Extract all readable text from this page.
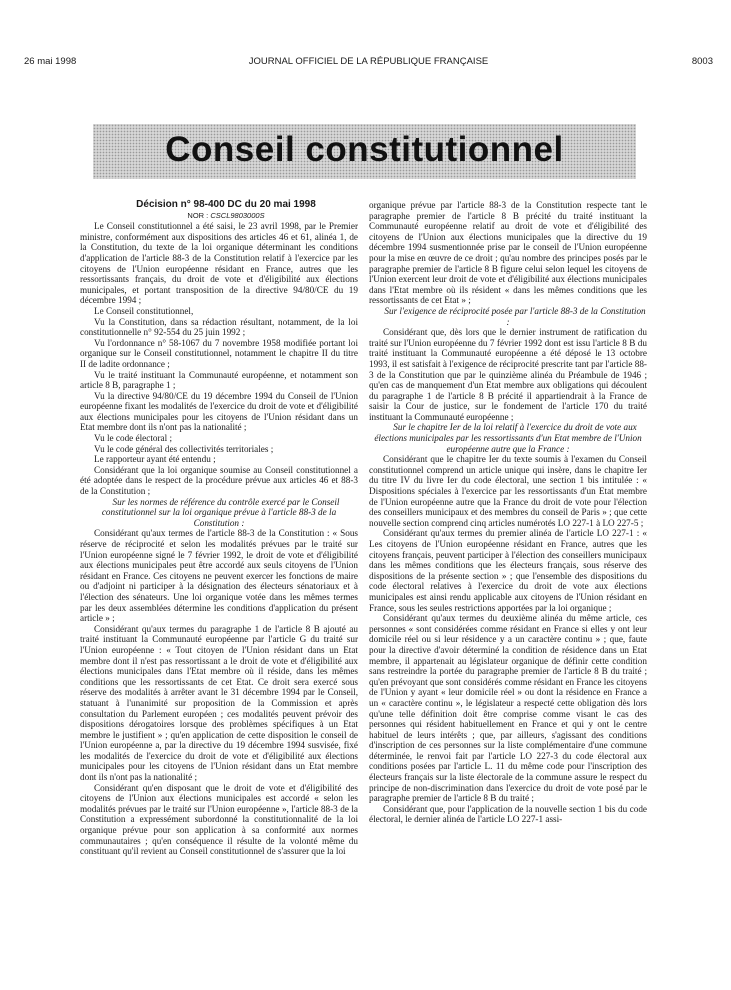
26 mai 1998	JOURNAL OFFICIEL DE LA RÉPUBLIQUE FRANÇAISE	8003
Conseil constitutionnel

Décision n° 98-400 DC du 20 mai 1998

NOR : CSCL9803000S

Le Conseil constitutionnel a été saisi, le 23 avril 1998, par le Premier ministre, conformément aux dispositions des articles 46 et 61, alinéa 1, de la Constitution, du texte de la loi organique déterminant les conditions d'application de l'article 88-3 de la Constitution relatif à l'exercice par les citoyens de l'Union européenne résidant en France, autres que les ressortissants français, du droit de vote et d'éligibilité aux élections municipales, et portant transposition de la directive 94/80/CE du 19 décembre 1994 ;

Le Conseil constitutionnel,

Vu la Constitution, dans sa rédaction résultant, notamment, de la loi constitutionnelle n° 92-554 du 25 juin 1992 ;

Vu l'ordonnance n° 58-1067 du 7 novembre 1958 modifiée portant loi organique sur le Conseil constitutionnel, notamment le chapitre II du titre II de ladite ordonnance ;

Vu le traité instituant la Communauté européenne, et notamment son article 8 B, paragraphe 1 ;

Vu la directive 94/80/CE du 19 décembre 1994 du Conseil de l'Union européenne fixant les modalités de l'exercice du droit de vote et d'éligibilité aux élections municipales pour les citoyens de l'Union résidant dans un Etat membre dont ils n'ont pas la nationalité ;

Vu le code électoral ;

Vu le code général des collectivités territoriales ;

Le rapporteur ayant été entendu ;

Considérant que la loi organique soumise au Conseil constitutionnel a été adoptée dans le respect de la procédure prévue aux articles 46 et 88-3 de la Constitution ;

Sur les normes de référence du contrôle exercé par le Conseil constitutionnel sur la loi organique prévue à l'article 88-3 de la Constitution :

Considérant qu'aux termes de l'article 88-3 de la Constitution : « Sous réserve de réciprocité et selon les modalités prévues par le traité sur l'Union européenne signé le 7 février 1992, le droit de vote et d'éligibilité aux élections municipales peut être accordé aux seuls citoyens de l'Union résidant en France. Ces citoyens ne peuvent exercer les fonctions de maire ou d'adjoint ni participer à la désignation des électeurs sénatoriaux et à l'élection des sénateurs. Une loi organique votée dans les mêmes termes par les deux assemblées détermine les conditions d'application du présent article » ;

Considérant qu'aux termes du paragraphe 1 de l'article 8 B ajouté au traité instituant la Communauté européenne par l'article G du traité sur l'Union européenne : « Tout citoyen de l'Union résidant dans un Etat membre dont il n'est pas ressortissant a le droit de vote et d'éligibilité aux élections municipales dans l'Etat membre où il réside, dans les mêmes conditions que les ressortissants de cet Etat. Ce droit sera exercé sous réserve des modalités à arrêter avant le 31 décembre 1994 par le Conseil, statuant à l'unanimité sur proposition de la Commission et après consultation du Parlement européen ; ces modalités peuvent prévoir des dispositions dérogatoires lorsque des problèmes spécifiques à un Etat membre le justifient » ; qu'en application de cette disposition le conseil de l'Union européenne a, par la directive du 19 décembre 1994 susvisée, fixé les modalités de l'exercice du droit de vote et d'éligibilité aux élections municipales pour les citoyens de l'Union résidant dans un Etat membre dont ils n'ont pas la nationalité ;

Considérant qu'en disposant que le droit de vote et d'éligibilité des citoyens de l'Union aux élections municipales est accordé « selon les modalités prévues par le traité sur l'Union européenne », l'article 88-3 de la Constitution a expressément subordonné la constitutionnalité de la loi organique prévue pour son application à sa conformité aux normes communautaires ; qu'en conséquence il résulte de la volonté même du constituant qu'il revient au Conseil constitutionnel de s'assurer que la loi

organique prévue par l'article 88-3 de la Constitution respecte tant le paragraphe premier de l'article 8 B précité du traité instituant la Communauté européenne relatif au droit de vote et d'éligibilité des citoyens de l'Union aux élections municipales que la directive du 19 décembre 1994 susmentionnée prise par le conseil de l'Union européenne pour la mise en œuvre de ce droit ; qu'au nombre des principes posés par le paragraphe premier de l'article 8 B figure celui selon lequel les citoyens de l'Union exercent leur droit de vote et d'éligibilité aux élections municipales dans l'Etat membre où ils résident « dans les mêmes conditions que les ressortissants de cet Etat » ;

Sur l'exigence de réciprocité posée par l'article 88-3 de la Constitution :

Considérant que, dès lors que le dernier instrument de ratification du traité sur l'Union européenne du 7 février 1992 dont est issu l'article 8 B du traité instituant la Communauté européenne a été déposé le 13 octobre 1993, il est satisfait à l'exigence de réciprocité prescrite tant par l'article 88-3 de la Constitution que par le quinzième alinéa du Préambule de 1946 ; qu'en cas de manquement d'un Etat membre aux obligations qui découlent du paragraphe 1 de l'article 8 B précité il appartiendrait à la France de saisir la Cour de justice, sur le fondement de l'article 170 du traité instituant la Communauté européenne ;

Sur le chapitre Ier de la loi relatif à l'exercice du droit de vote aux élections municipales par les ressortissants d'un Etat membre de l'Union européenne autre que la France :

Considérant que le chapitre Ier du texte soumis à l'examen du Conseil constitutionnel comprend un article unique qui insère, dans le chapitre Ier du titre IV du livre Ier du code électoral, une section 1 bis intitulée : « Dispositions spéciales à l'exercice par les ressortissants d'un Etat membre de l'Union européenne autre que la France du droit de vote pour l'élection des conseillers municipaux et des membres du conseil de Paris » ; que cette nouvelle section comprend cinq articles numérotés LO 227-1 à LO 227-5 ;

Considérant qu'aux termes du premier alinéa de l'article LO 227-1 : « Les citoyens de l'Union européenne résidant en France, autres que les citoyens français, peuvent participer à l'élection des conseillers municipaux dans les mêmes conditions que les électeurs français, sous réserve des dispositions de la présente section » ; que l'ensemble des dispositions du code électoral relatives à l'exercice du droit de vote aux élections municipales est ainsi rendu applicable aux citoyens de l'Union résidant en France, sous les seules restrictions apportées par la loi organique ;

Considérant qu'aux termes du deuxième alinéa du même article, ces personnes « sont considérées comme résidant en France si elles y ont leur domicile réel ou si leur résidence y a un caractère continu » ; que, faute pour la directive d'avoir déterminé la condition de résidence dans un Etat membre, il appartenait au législateur organique de définir cette condition sans restreindre la portée du paragraphe premier de l'article 8 B du traité ; qu'en prévoyant que sont considérés comme résidant en France les citoyens de l'Union y ayant « leur domicile réel » ou dont la résidence en France a un « caractère continu », le législateur a respecté cette obligation dès lors qu'une telle définition doit être comprise comme visant le cas des personnes qui résident habituellement en France et qui y ont le centre habituel de leurs intérêts ; que, par ailleurs, s'agissant des conditions d'inscription de ces personnes sur la liste complémentaire d'une commune déterminée, le renvoi fait par l'article LO 227-3 du code électoral aux conditions posées par l'article L. 11 du même code pour l'inscription des électeurs français sur la liste électorale de la commune assure le respect du principe de non-discrimination dans l'exercice du droit de vote posé par le paragraphe premier de l'article 8 B du traité ;

Considérant que, pour l'application de la nouvelle section 1 bis du code électoral, le dernier alinéa de l'article LO 227-1 assi-
